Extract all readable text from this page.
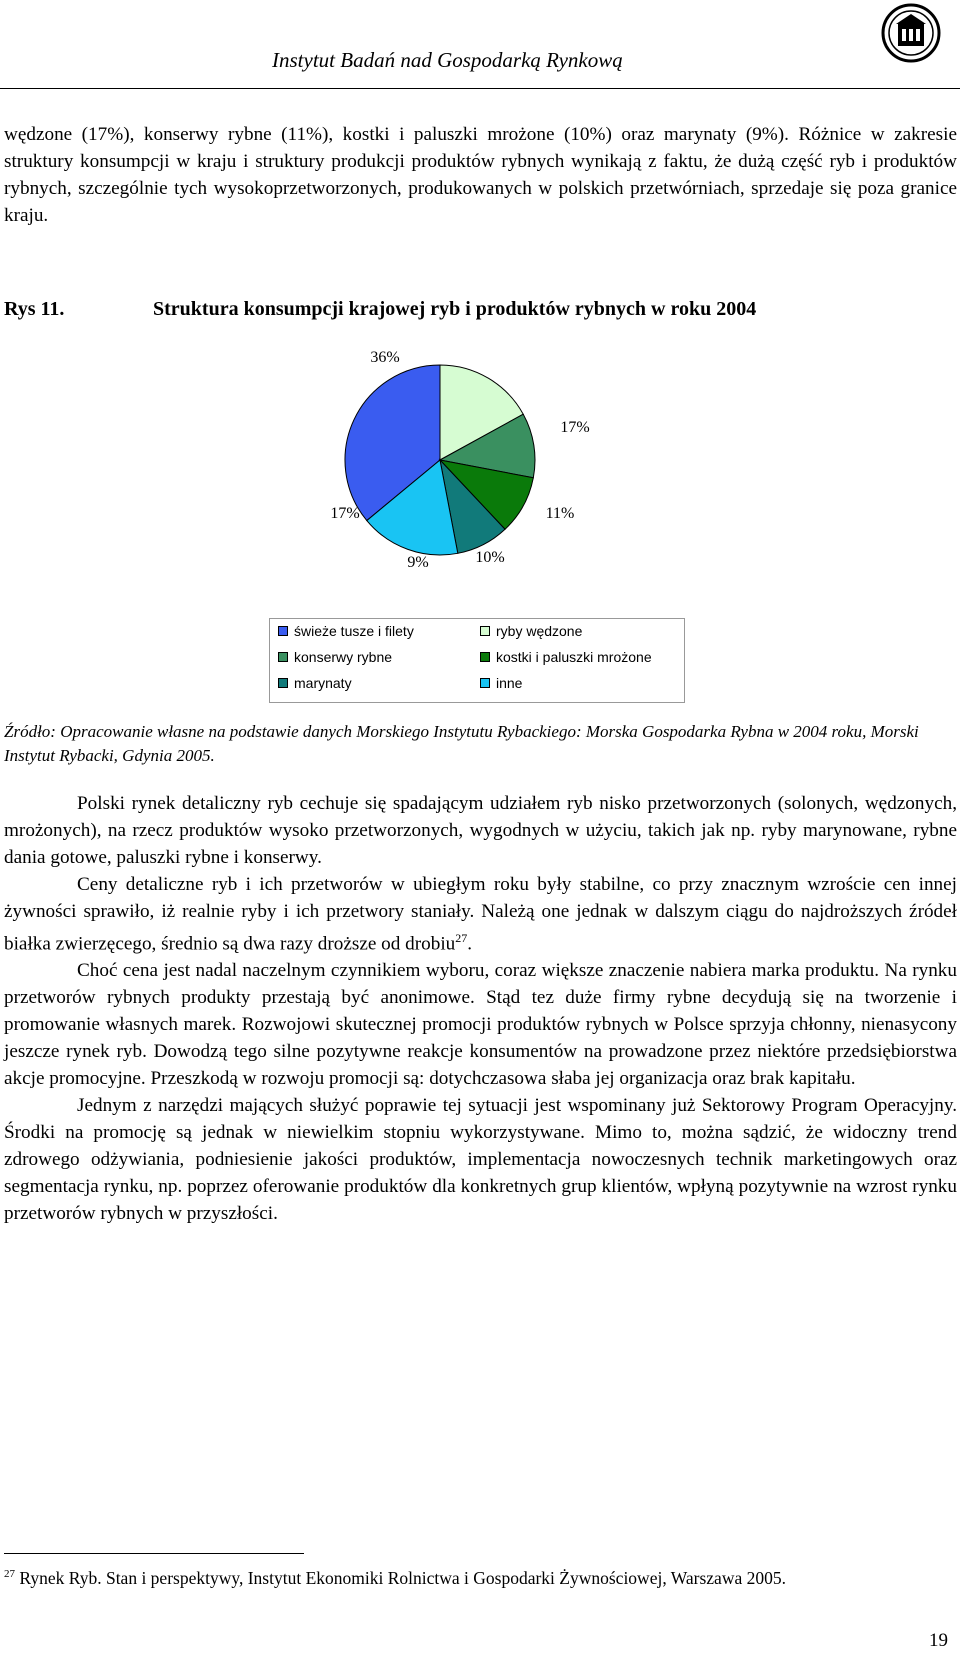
Instytut Badań nad Gospodarką Rynkową

wędzone (17%), konserwy rybne (11%), kostki i paluszki mrożone (10%) oraz marynaty (9%). Różnice w zakresie struktury konsumpcji w kraju i struktury produkcji produktów rybnych wynikają z faktu, że dużą część ryb i produktów rybnych, szczególnie tych wysokoprzetworzonych, produkowanych w polskich przetwórniach, sprzedaje się poza granice kraju.

Rys 11.	Struktura konsumpcji krajowej ryb i produktów rybnych w roku 2004
36%
17%
11%
10%
9%
17%
świeże tusze i filety	ryby wędzone
konserwy rybne	kostki i paluszki mrożone
marynaty	inne

Źródło: Opracowanie własne na podstawie danych Morskiego Instytutu Rybackiego: Morska Gospodarka Rybna w 2004 roku, Morski Instytut Rybacki, Gdynia 2005.

Polski rynek detaliczny ryb cechuje się spadającym udziałem ryb nisko przetworzonych (solonych, wędzonych, mrożonych), na rzecz produktów wysoko przetworzonych, wygodnych w użyciu, takich jak np. ryby marynowane, rybne dania gotowe, paluszki rybne i konserwy.

Ceny detaliczne ryb i ich przetworów w ubiegłym roku były stabilne, co przy znacznym wzroście cen innej żywności sprawiło, iż realnie ryby i ich przetwory staniały. Należą one jednak w dalszym ciągu do najdroższych źródeł białka zwierzęcego, średnio są dwa razy droższe od drobiu$^{27}$.

Choć cena jest nadal naczelnym czynnikiem wyboru, coraz większe znaczenie nabiera marka produktu. Na rynku przetworów rybnych produkty przestają być anonimowe. Stąd tez duże firmy rybne decydują się na tworzenie i promowanie własnych marek. Rozwojowi skutecznej promocji produktów rybnych w Polsce sprzyja chłonny, nienasycony jeszcze rynek ryb. Dowodzą tego silne pozytywne reakcje konsumentów na prowadzone przez niektóre przedsiębiorstwa akcje promocyjne. Przeszkodą w rozwoju promocji są: dotychczasowa słaba jej organizacja oraz brak kapitału.

Jednym z narzędzi mających służyć poprawie tej sytuacji jest wspominany już Sektorowy Program Operacyjny. Środki na promocję są jednak w niewielkim stopniu wykorzystywane. Mimo to, można sądzić, że widoczny trend zdrowego odżywiania, podniesienie jakości produktów, implementacja nowoczesnych technik marketingowych oraz segmentacja rynku, np. poprzez oferowanie produktów dla konkretnych grup klientów, wpłyną pozytywnie na wzrost rynku przetworów rybnych w przyszłości.

$^{27}$ Rynek Ryb. Stan i perspektywy, Instytut Ekonomiki Rolnictwa i Gospodarki Żywnościowej, Warszawa 2005.
19
